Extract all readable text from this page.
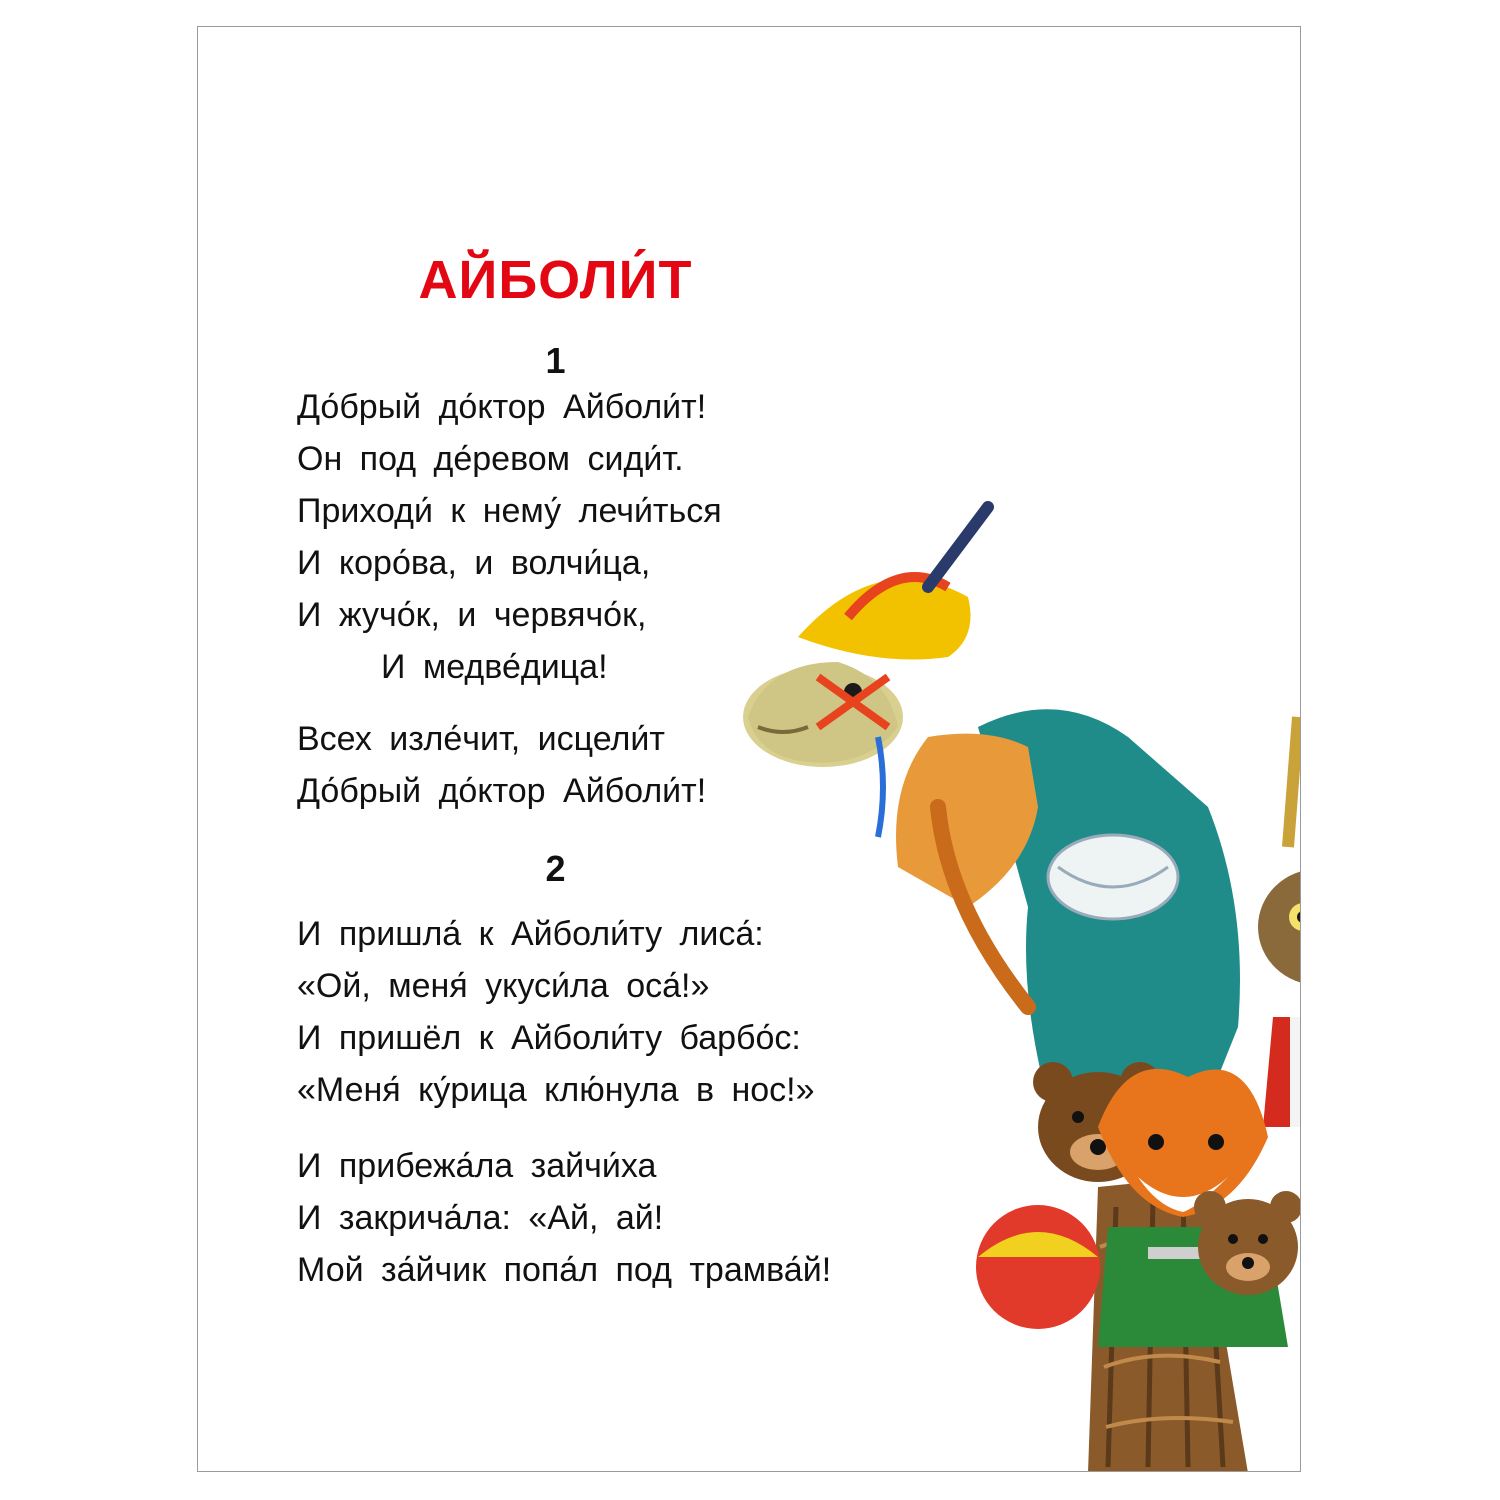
АЙБОЛИ́Т
1
До́брый до́ктор Айболи́т!
Он под де́ревом сиди́т.
Приходи́ к нему́ лечи́ться
И коро́ва, и волчи́ца,
И жучо́к, и червячо́к,
И медве́дица!
Всех изле́чит, исцели́т
До́брый до́ктор Айболи́т!
2
И пришла́ к Айболи́ту лиса́:
«Ой, меня́ укуси́ла оса́!»
И пришёл к Айболи́ту барбо́с:
«Меня́ ку́рица клю́нула в нос!»
И прибежа́ла зайчи́ха
И закрича́ла: «Ай, ай!
Мой за́йчик попа́л под трамва́й!
